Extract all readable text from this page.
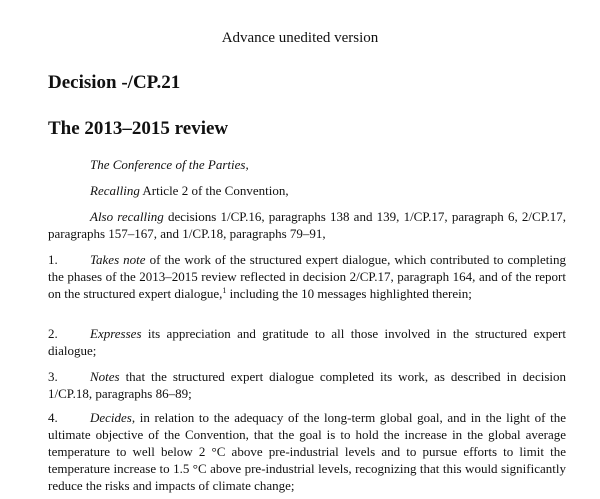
Advance unedited version
Decision -/CP.21
The 2013–2015 review
The Conference of the Parties,
Recalling Article 2 of the Convention,
Also recalling decisions 1/CP.16, paragraphs 138 and 139, 1/CP.17, paragraph 6, 2/CP.17, paragraphs 157–167, and 1/CP.18, paragraphs 79–91,
1. Takes note of the work of the structured expert dialogue, which contributed to completing the phases of the 2013–2015 review reflected in decision 2/CP.17, paragraph 164, and of the report on the structured expert dialogue,$^1$ including the 10 messages highlighted therein;
2. Expresses its appreciation and gratitude to all those involved in the structured expert dialogue;
3. Notes that the structured expert dialogue completed its work, as described in decision 1/CP.18, paragraphs 86–89;
4. Decides, in relation to the adequacy of the long-term global goal, and in the light of the ultimate objective of the Convention, that the goal is to hold the increase in the global average temperature to well below 2 °C above pre-industrial levels and to pursue efforts to limit the temperature increase to 1.5 °C above pre-industrial levels, recognizing that this would significantly reduce the risks and impacts of climate change;
